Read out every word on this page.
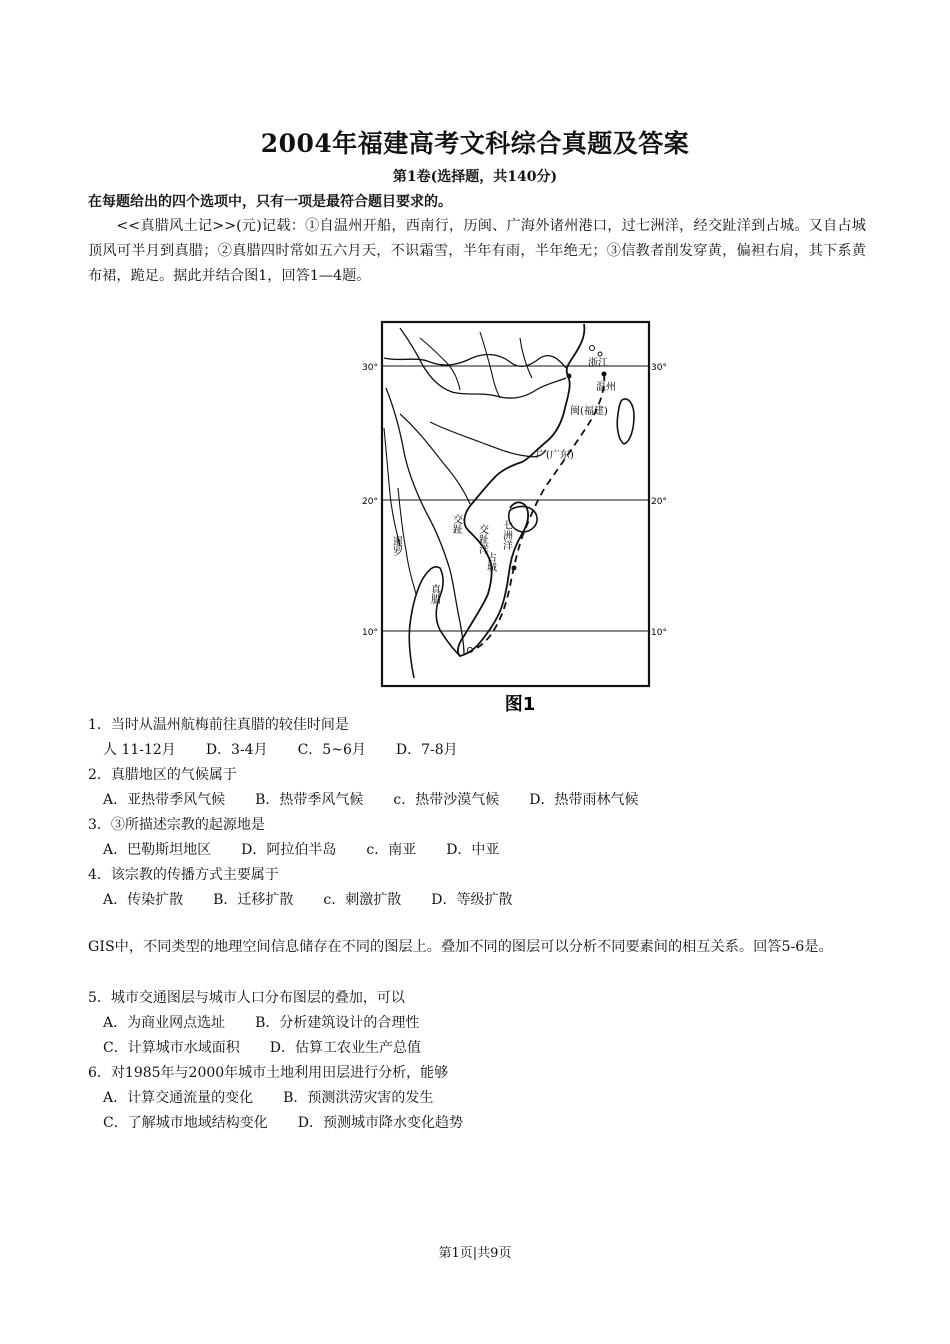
2004年福建高考文科综合真题及答案
第1卷(选择题，共140分)
在每题给出的四个选项中，只有一项是最符合题目要求的。
<<真腊风土记>>(元)记载：①自温州开船，西南行，历闽、广海外诸州港口，过七洲洋，经交趾洋到占城。又自占城顶风可半月到真腊；②真腊四时常如五六月天，不识霜雪，半年有雨，半年绝无；③信教者削发穿黄，偏袒右肩，其下系黄布裙，跪足。据此并结合图1，回答1—4题。
30°	30°
20°	20°
10°	10°
浙江
温州
闽(福建)
广(广东)
交趾 交趾洋 七洲洋
暹罗
真腊
占城
图1
1．当时从温州航梅前往真腊的较佳时间是
人 11-12月 D．3-4月 C．5~6月 D．7-8月
2．真腊地区的气候属于
A．亚热带季风气候 B．热带季风气候 c．热带沙漠气候 D．热带雨林气候
3．③所描述宗教的起源地是
A．巴勒斯坦地区 D．阿拉伯半岛 c．南亚 D．中亚
4．该宗教的传播方式主要属于
A．传染扩散 B．迁移扩散 c．刺激扩散 D．等级扩散
GIS中，不同类型的地理空间信息储存在不同的图层上。叠加不同的图层可以分析不同要素间的相互关系。回答5-6是。
5．城市交通图层与城市人口分布图层的叠加，可以
A．为商业网点选址 B．分析建筑设计的合理性
C．计算城市水域面积 D．估算工农业生产总值
6．对1985年与2000年城市土地利用田层进行分析，能够
A．计算交通流量的变化 B．预测洪涝灾害的发生
C．了解城市地域结构变化 D．预测城市降水变化趋势
第1页|共9页
